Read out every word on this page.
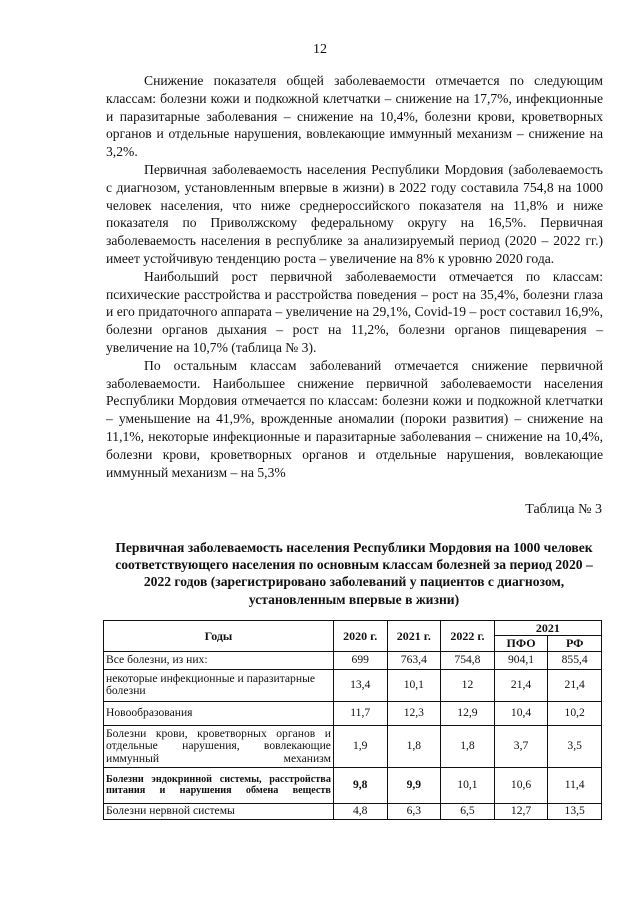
12

Снижение показателя общей заболеваемости отмечается по следующим классам: болезни кожи и подкожной клетчатки – снижение на 17,7%, инфекционные и паразитарные заболевания – снижение на 10,4%, болезни крови, кроветворных органов и отдельные нарушения, вовлекающие иммунный механизм – снижение на 3,2%.

Первичная заболеваемость населения Республики Мордовия (заболеваемость с диагнозом, установленным впервые в жизни) в 2022 году составила 754,8 на 1000 человек населения, что ниже среднероссийского показателя на 11,8% и ниже показателя по Приволжскому федеральному округу на 16,5%. Первичная заболеваемость населения в республике за анализируемый период (2020 – 2022 гг.) имеет устойчивую тенденцию роста – увеличение на 8% к уровню 2020 года.

Наибольший рост первичной заболеваемости отмечается по классам: психические расстройства и расстройства поведения – рост на 35,4%, болезни глаза и его придаточного аппарата – увеличение на 29,1%, Covid-19 – рост составил 16,9%, болезни органов дыхания – рост на 11,2%, болезни органов пищеварения – увеличение на 10,7% (таблица № 3).

По остальным классам заболеваний отмечается снижение первичной заболеваемости. Наибольшее снижение первичной заболеваемости населения Республики Мордовия отмечается по классам: болезни кожи и подкожной клетчатки – уменьшение на 41,9%, врожденные аномалии (пороки развития) – снижение на 11,1%, некоторые инфекционные и паразитарные заболевания – снижение на 10,4%, болезни крови, кроветворных органов и отдельные нарушения, вовлекающие иммунный механизм – на 5,3%

Таблица № 3
Первичная заболеваемость населения Республики Мордовия на 1000 человек соответствующего населения по основным классам болезней за период 2020 – 2022 годов (зарегистрировано заболеваний у пациентов с диагнозом, установленным впервые в жизни)
Годы	2020 г.	2021 г.	2022 г.	2021	
				ПФО	РФ
Все болезни, из них:	699	763,4	754,8	904,1	855,4
некоторые инфекционные и паразитарные болезни	13,4	10,1	12	21,4	21,4
Новообразования	11,7	12,3	12,9	10,4	10,2
Болезни крови, кроветворных органов и отдельные нарушения, вовлекающие иммунный механизм	1,9	1,8	1,8	3,7	3,5
Болезни эндокринной системы, расстройства питания и нарушения обмена веществ	9,8	9,9	10,1	10,6	11,4
Болезни нервной системы	4,8	6,3	6,5	12,7	13,5
